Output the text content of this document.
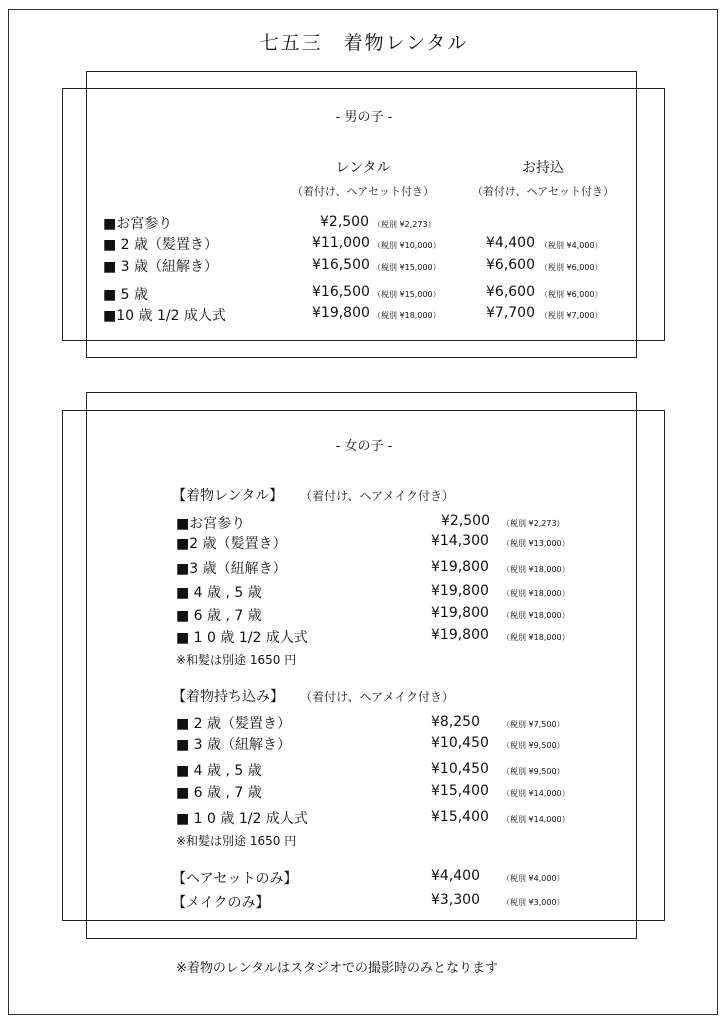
七五三　着物レンタル
- 男の子 -
レンタル	お持込
（着付け、ヘアセット付き）	（着付け、ヘアセット付き）
■お宮参り	¥2,500 （税別 ¥2,273）
■ 2 歳（髪置き）	¥11,000 （税別 ¥10,000）	¥4,400 （税別 ¥4,000）
■ 3 歳（紐解き）	¥16,500 （税別 ¥15,000）	¥6,600 （税別 ¥6,000）
■ 5 歳	¥16,500 （税別 ¥15,000）	¥6,600 （税別 ¥6,000）
■10 歳 1/2 成人式	¥19,800 （税別 ¥18,000）	¥7,700 （税別 ¥7,000）
- 女の子 -
【着物レンタル】 （着付け、ヘアメイク付き）
■お宮参り	¥2,500 （税別 ¥2,273）
■2 歳（髪置き）	¥14,300 （税別 ¥13,000）
■3 歳（紐解き）	¥19,800 （税別 ¥18,000）
■ 4 歳 , 5 歳	¥19,800 （税別 ¥18,000）
■ 6 歳 , 7 歳	¥19,800 （税別 ¥18,000）
■ 1 0 歳 1/2 成人式	¥19,800 （税別 ¥18,000）
※和髪は別途 1650 円
【着物持ち込み】 （着付け、ヘアメイク付き）
■ 2 歳（髪置き）	¥8,250	（税別 ¥7,500）
■ 3 歳（紐解き）	¥10,450 （税別 ¥9,500）
■ 4 歳 , 5 歳	¥10,450 （税別 ¥9,500）
■ 6 歳 , 7 歳	¥15,400 （税別 ¥14,000）
■ 1 0 歳 1/2 成人式	¥15,400 （税別 ¥14,000）
※和髪は別途 1650 円
【ヘアセットのみ】	¥4,400	（税別 ¥4,000）
【メイクのみ】	¥3,300	（税別 ¥3,000）
※着物のレンタルはスタジオでの撮影時のみとなります
